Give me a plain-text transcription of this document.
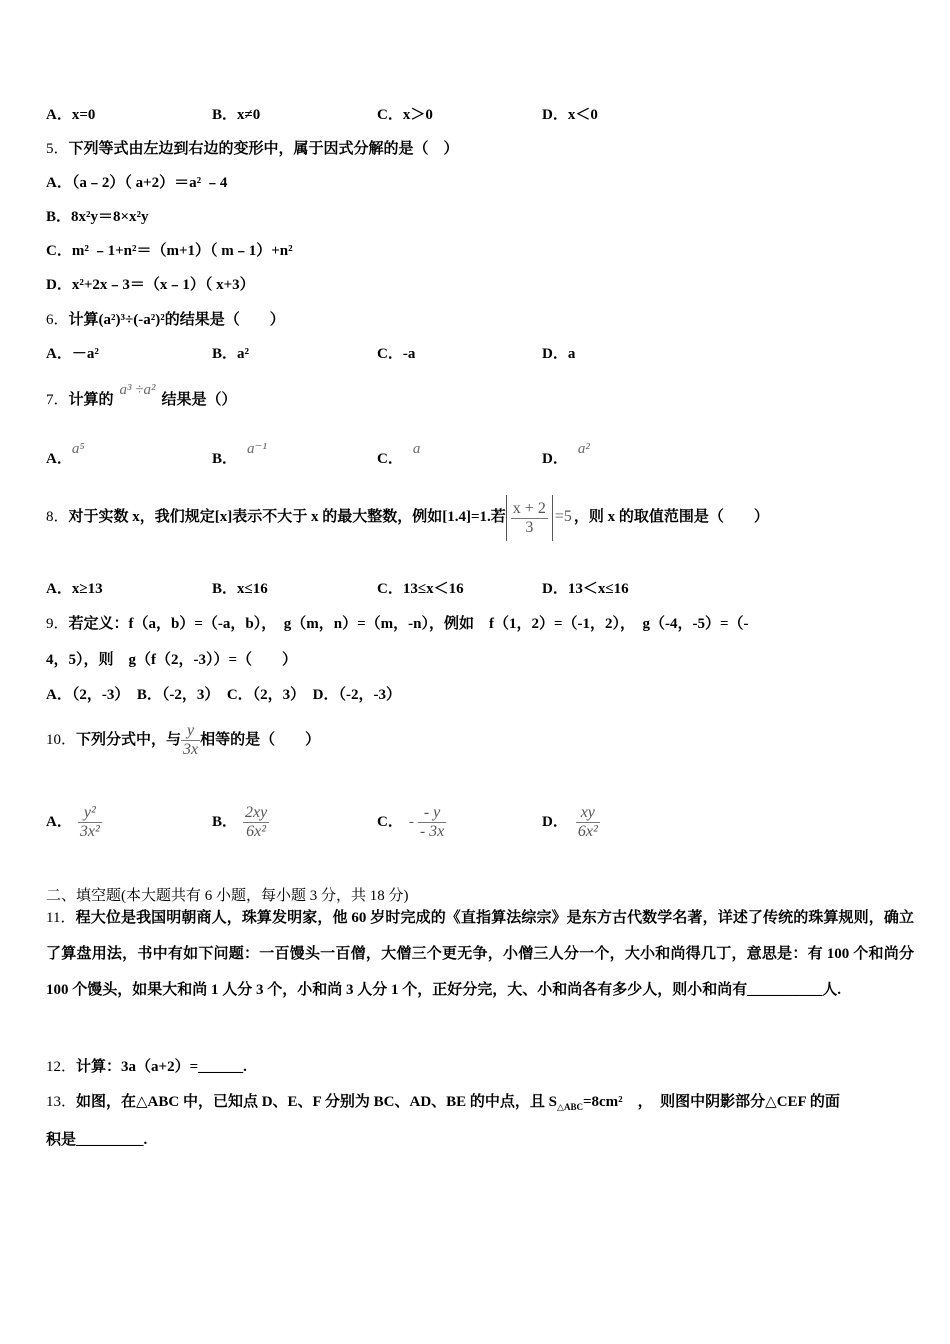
A．x=0	B．x≠0	C．x＞0	D．x＜0
5．下列等式由左边到右边的变形中，属于因式分解的是（　）
A．（a﹣2）（ a+2）＝a² ﹣4
B．8x²y＝8×x²y
C．m² ﹣1+n²＝（m+1）（ m﹣1）+n²
D．x²+2x﹣3＝（x﹣1）（ x+3）
6．计算(a²)³÷(-a²)²的结果是（　　）
A．－a²	B．a²	C．-a	D．a
7．计算的a³ ÷a²结果是（）
A．a⁵
B．a⁻¹
C．a
D．a²
8．对于实数 x，我们规定[x]表示不大于 x 的最大整数，例如[1.4]=1.若 $\frac{x + 2}{3} =5$ ，则 x 的取值范围是（　　）
A．x≥13	B．x≤16	C．13≤x＜16	D．13＜x≤16
9．若定义：f（a，b）=（-a，b），　g（m，n）=（m，-n），例如　f（1，2）=（-1，2），　g（-4，-5）=（-
4，5），则　g（f（2，-3））=（　　）
A．（2，-3）　B．（-2，3）　C．（2，3）　D．（-2，-3）
10．下列分式中，与 $\frac{y}{3x}$ 相等的是（　　）
A． $\frac{\text{y²}}{\text{3x²}}$	B． $\frac{2xy}{\text{6x²}}$	C． - $\frac{- y}{- 3x}$	D． $\frac{xy}{\text{6x²}}$
二、填空题(本大题共有 6 小题，每小题 3 分，共 18 分)
11．程大位是我国明朝商人，珠算发明家，他 60 岁时完成的《直指算法综宗》是东方古代数学名著，详述了传统的珠算规则，确立了算盘用法，书中有如下问题：一百馒头一百僧，大僧三个更无争，小僧三人分一个，大小和尚得几丁，意思是：有 100 个和尚分 100 个馒头，如果大和尚 1 人分 3 个，小和尚 3 人分 1 个，正好分完，大、小和尚各有多少人，则小和尚有__________人.
12．计算：3a（a+2）=______.
13．如图，在△ABC 中，已知点 D、E、F 分别为 BC、AD、BE 的中点，且 $S_{\triangle ABC}=8cm^2$　，　则图中阴影部分△CEF 的面
积是_________.
